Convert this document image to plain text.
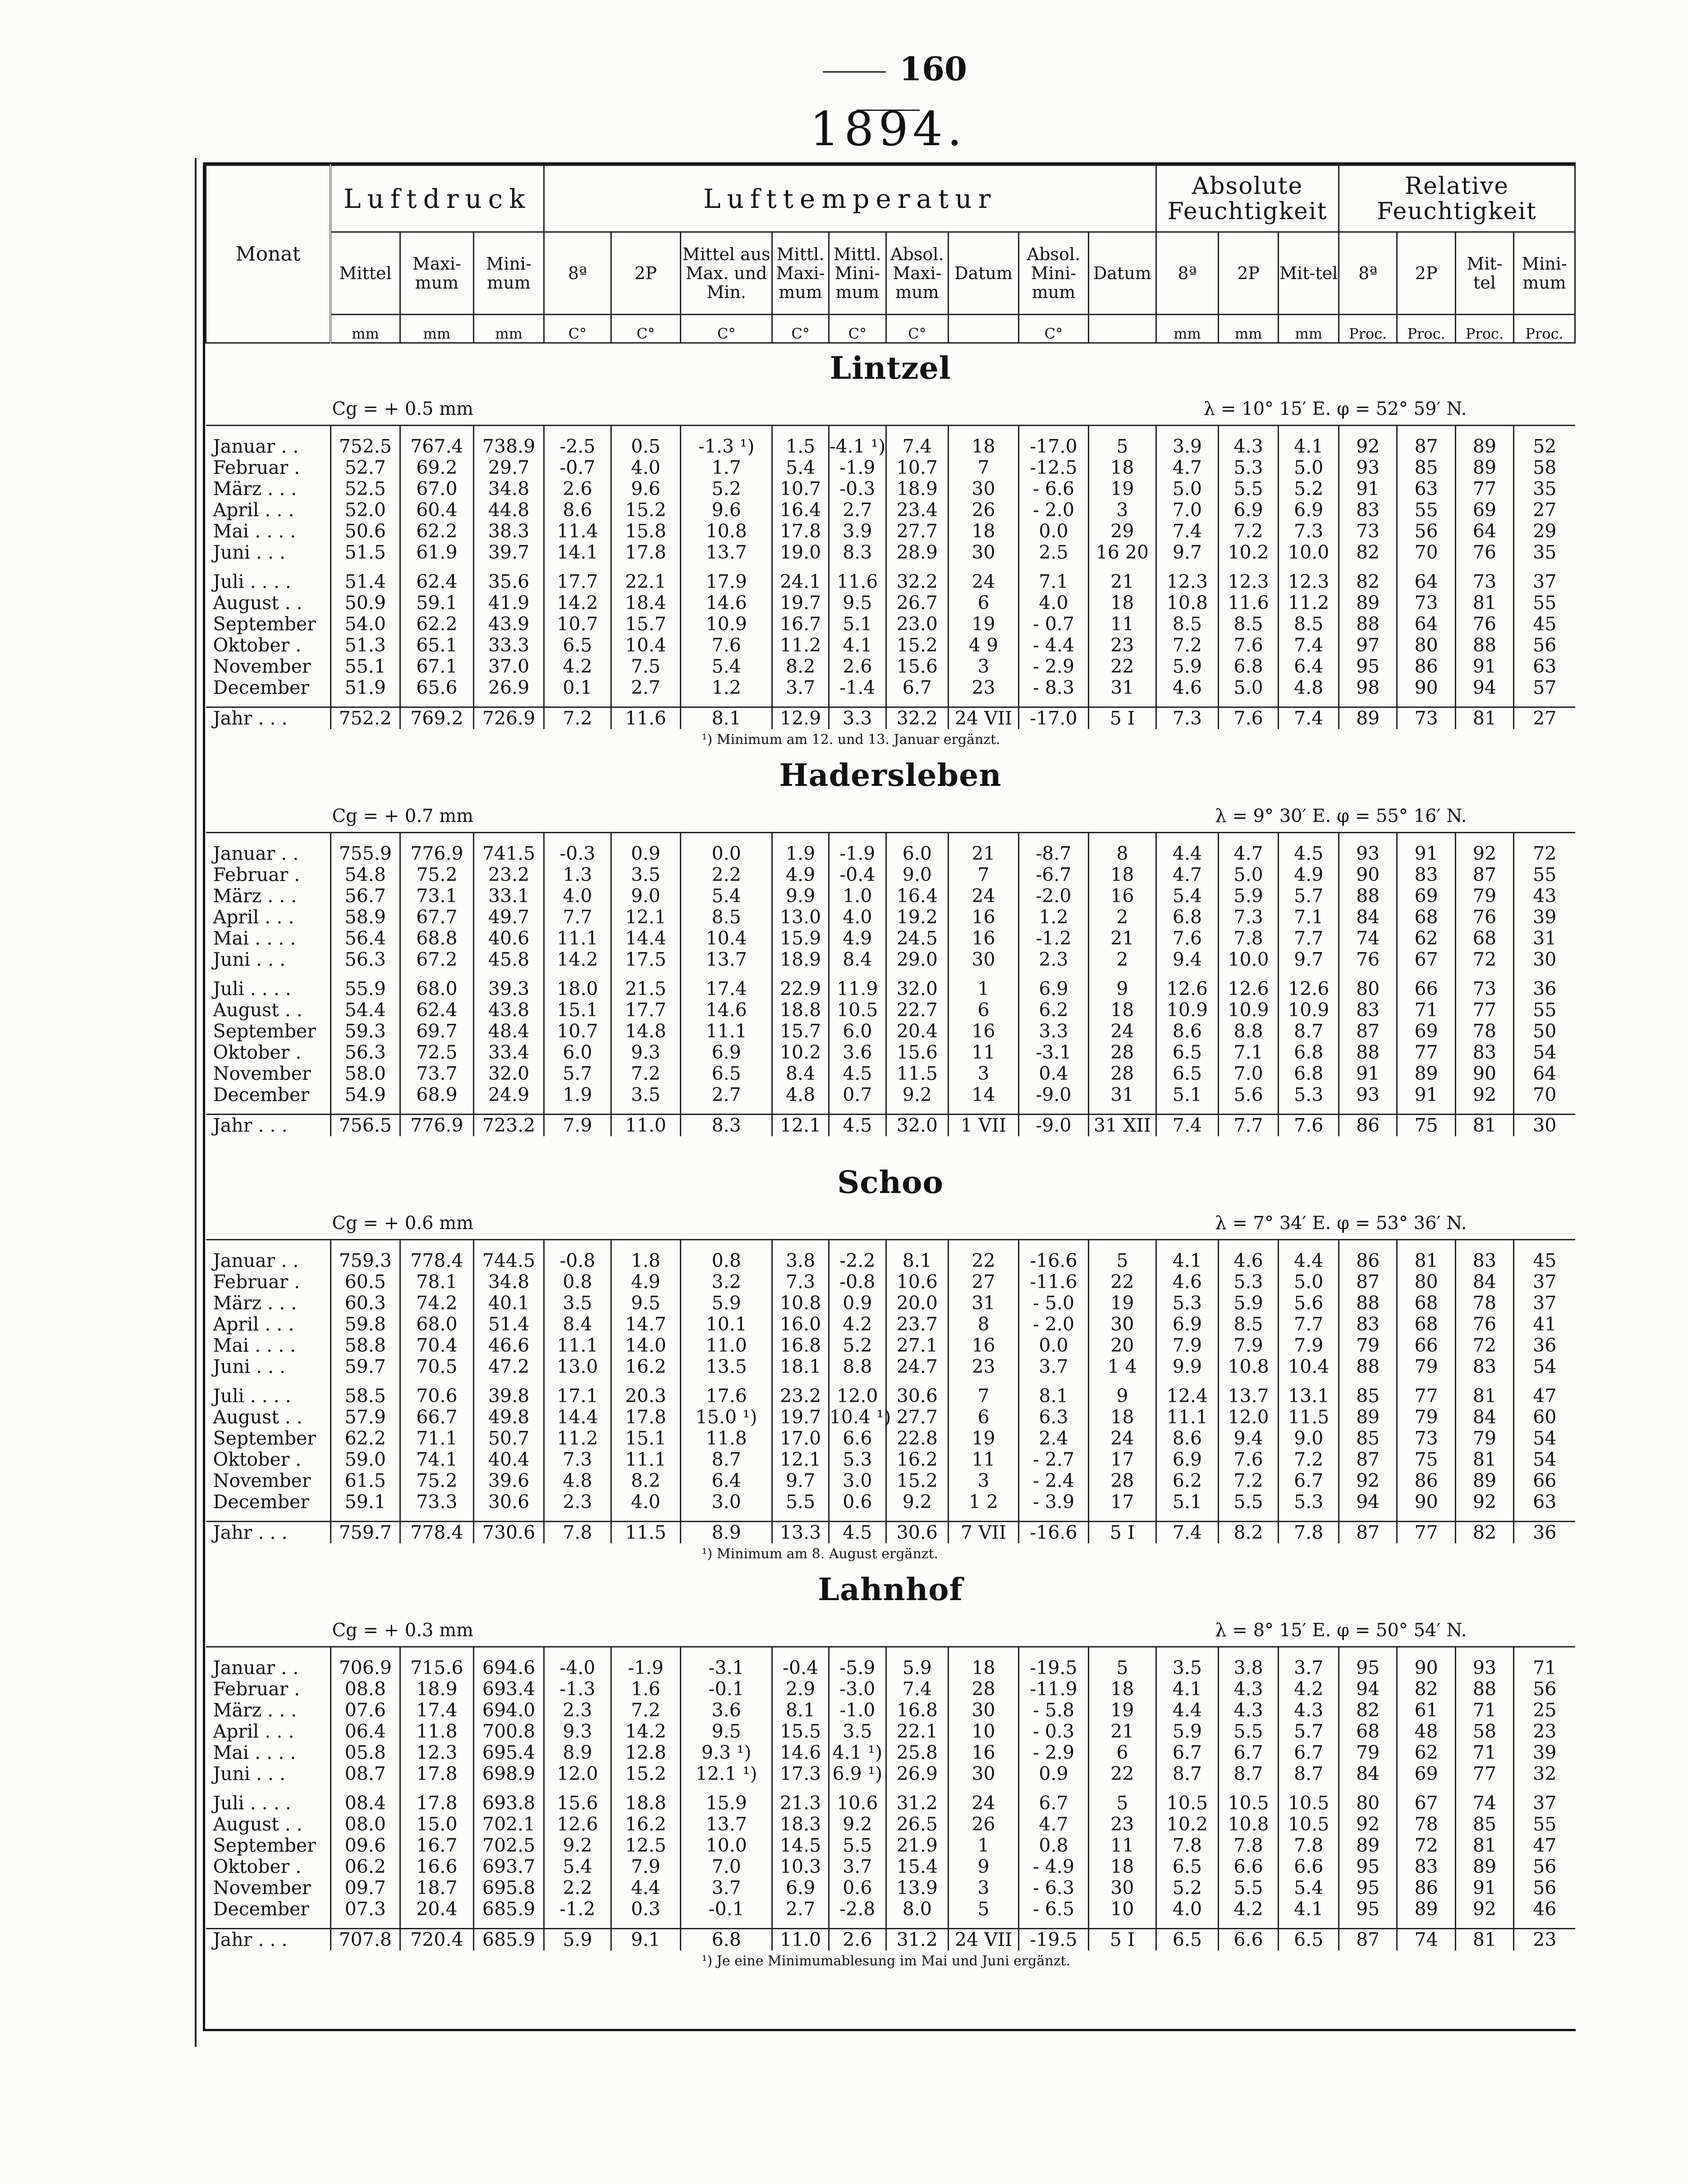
160
1894.
Monat	Luftdruck			Lufttemperatur									Absolute Feuchtigkeit			Relative Feuchtigkeit			
	Mittel	Maxi-mum	Mini-mum	8ª	2P	Mittel aus Max. und Min.	Mittl. Maxi-mum	Mittl. Mini-mum	Absol. Maxi-mum	Datum	Absol. Mini-mum	Datum	8ª	2P	Mit-tel	8ª	2P	Mit-tel	Mini-mum
	mm	mm	mm	C°	C°	C°	C°	C°	C°		C°		mm	mm	mm	Proc.	Proc.	Proc.	Proc.
Lintzel																			
Cg = + 0.5 mm								λ = 10° 15′ E. φ = 52° 59′ N.											

Januar . .	752.5	767.4	738.9	-2.5	0.5	-1.3 ¹)	1.5	-4.1 ¹)	7.4	18	-17.0	5	3.9	4.3	4.1	92	87	89	52
Februar .	52.7	69.2	29.7	-0.7	4.0	1.7	5.4	-1.9	10.7	7	-12.5	18	4.7	5.3	5.0	93	85	89	58
März . . .	52.5	67.0	34.8	2.6	9.6	5.2	10.7	-0.3	18.9	30	- 6.6	19	5.0	5.5	5.2	91	63	77	35
April . . .	52.0	60.4	44.8	8.6	15.2	9.6	16.4	2.7	23.4	26	- 2.0	3	7.0	6.9	6.9	83	55	69	27
Mai . . . .	50.6	62.2	38.3	11.4	15.8	10.8	17.8	3.9	27.7	18	0.0	29	7.4	7.2	7.3	73	56	64	29
Juni . . .	51.5	61.9	39.7	14.1	17.8	13.7	19.0	8.3	28.9	30	2.5	16 20	9.7	10.2	10.0	82	70	76	35

Juli . . . .	51.4	62.4	35.6	17.7	22.1	17.9	24.1	11.6	32.2	24	7.1	21	12.3	12.3	12.3	82	64	73	37
August . .	50.9	59.1	41.9	14.2	18.4	14.6	19.7	9.5	26.7	6	4.0	18	10.8	11.6	11.2	89	73	81	55
September	54.0	62.2	43.9	10.7	15.7	10.9	16.7	5.1	23.0	19	- 0.7	11	8.5	8.5	8.5	88	64	76	45
Oktober .	51.3	65.1	33.3	6.5	10.4	7.6	11.2	4.1	15.2	4 9	- 4.4	23	7.2	7.6	7.4	97	80	88	56
November	55.1	67.1	37.0	4.2	7.5	5.4	8.2	2.6	15.6	3	- 2.9	22	5.9	6.8	6.4	95	86	91	63
December	51.9	65.6	26.9	0.1	2.7	1.2	3.7	-1.4	6.7	23	- 8.3	31	4.6	5.0	4.8	98	90	94	57

Jahr . . .	752.2	769.2	726.9	7.2	11.6	8.1	12.9	3.3	32.2	24 VII	-17.0	5 I	7.3	7.6	7.4	89	73	81	27
¹) Minimum am 12. und 13. Januar ergänzt.																			
Hadersleben																			
Cg = + 0.7 mm								λ = 9° 30′ E. φ = 55° 16′ N.											

Januar . .	755.9	776.9	741.5	-0.3	0.9	0.0	1.9	-1.9	6.0	21	-8.7	8	4.4	4.7	4.5	93	91	92	72
Februar .	54.8	75.2	23.2	1.3	3.5	2.2	4.9	-0.4	9.0	7	-6.7	18	4.7	5.0	4.9	90	83	87	55
März . . .	56.7	73.1	33.1	4.0	9.0	5.4	9.9	1.0	16.4	24	-2.0	16	5.4	5.9	5.7	88	69	79	43
April . . .	58.9	67.7	49.7	7.7	12.1	8.5	13.0	4.0	19.2	16	1.2	2	6.8	7.3	7.1	84	68	76	39
Mai . . . .	56.4	68.8	40.6	11.1	14.4	10.4	15.9	4.9	24.5	16	-1.2	21	7.6	7.8	7.7	74	62	68	31
Juni . . .	56.3	67.2	45.8	14.2	17.5	13.7	18.9	8.4	29.0	30	2.3	2	9.4	10.0	9.7	76	67	72	30

Juli . . . .	55.9	68.0	39.3	18.0	21.5	17.4	22.9	11.9	32.0	1	6.9	9	12.6	12.6	12.6	80	66	73	36
August . .	54.4	62.4	43.8	15.1	17.7	14.6	18.8	10.5	22.7	6	6.2	18	10.9	10.9	10.9	83	71	77	55
September	59.3	69.7	48.4	10.7	14.8	11.1	15.7	6.0	20.4	16	3.3	24	8.6	8.8	8.7	87	69	78	50
Oktober .	56.3	72.5	33.4	6.0	9.3	6.9	10.2	3.6	15.6	11	-3.1	28	6.5	7.1	6.8	88	77	83	54
November	58.0	73.7	32.0	5.7	7.2	6.5	8.4	4.5	11.5	3	0.4	28	6.5	7.0	6.8	91	89	90	64
December	54.9	68.9	24.9	1.9	3.5	2.7	4.8	0.7	9.2	14	-9.0	31	5.1	5.6	5.3	93	91	92	70

Jahr . . .	756.5	776.9	723.2	7.9	11.0	8.3	12.1	4.5	32.0	1 VII	-9.0	31 XII	7.4	7.7	7.6	86	75	81	30

Schoo																			
Cg = + 0.6 mm								λ = 7° 34′ E. φ = 53° 36′ N.											

Januar . .	759.3	778.4	744.5	-0.8	1.8	0.8	3.8	-2.2	8.1	22	-16.6	5	4.1	4.6	4.4	86	81	83	45
Februar .	60.5	78.1	34.8	0.8	4.9	3.2	7.3	-0.8	10.6	27	-11.6	22	4.6	5.3	5.0	87	80	84	37
März . . .	60.3	74.2	40.1	3.5	9.5	5.9	10.8	0.9	20.0	31	- 5.0	19	5.3	5.9	5.6	88	68	78	37
April . . .	59.8	68.0	51.4	8.4	14.7	10.1	16.0	4.2	23.7	8	- 2.0	30	6.9	8.5	7.7	83	68	76	41
Mai . . . .	58.8	70.4	46.6	11.1	14.0	11.0	16.8	5.2	27.1	16	0.0	20	7.9	7.9	7.9	79	66	72	36
Juni . . .	59.7	70.5	47.2	13.0	16.2	13.5	18.1	8.8	24.7	23	3.7	1 4	9.9	10.8	10.4	88	79	83	54

Juli . . . .	58.5	70.6	39.8	17.1	20.3	17.6	23.2	12.0	30.6	7	8.1	9	12.4	13.7	13.1	85	77	81	47
August . .	57.9	66.7	49.8	14.4	17.8	15.0 ¹)	19.7	10.4 ¹)	27.7	6	6.3	18	11.1	12.0	11.5	89	79	84	60
September	62.2	71.1	50.7	11.2	15.1	11.8	17.0	6.6	22.8	19	2.4	24	8.6	9.4	9.0	85	73	79	54
Oktober .	59.0	74.1	40.4	7.3	11.1	8.7	12.1	5.3	16.2	11	- 2.7	17	6.9	7.6	7.2	87	75	81	54
November	61.5	75.2	39.6	4.8	8.2	6.4	9.7	3.0	15.2	3	- 2.4	28	6.2	7.2	6.7	92	86	89	66
December	59.1	73.3	30.6	2.3	4.0	3.0	5.5	0.6	9.2	1 2	- 3.9	17	5.1	5.5	5.3	94	90	92	63

Jahr . . .	759.7	778.4	730.6	7.8	11.5	8.9	13.3	4.5	30.6	7 VII	-16.6	5 I	7.4	8.2	7.8	87	77	82	36
¹) Minimum am 8. August ergänzt.																			
Lahnhof																			
Cg = + 0.3 mm								λ = 8° 15′ E. φ = 50° 54′ N.											

Januar . .	706.9	715.6	694.6	-4.0	-1.9	-3.1	-0.4	-5.9	5.9	18	-19.5	5	3.5	3.8	3.7	95	90	93	71
Februar .	08.8	18.9	693.4	-1.3	1.6	-0.1	2.9	-3.0	7.4	28	-11.9	18	4.1	4.3	4.2	94	82	88	56
März . . .	07.6	17.4	694.0	2.3	7.2	3.6	8.1	-1.0	16.8	30	- 5.8	19	4.4	4.3	4.3	82	61	71	25
April . . .	06.4	11.8	700.8	9.3	14.2	9.5	15.5	3.5	22.1	10	- 0.3	21	5.9	5.5	5.7	68	48	58	23
Mai . . . .	05.8	12.3	695.4	8.9	12.8	9.3 ¹)	14.6	4.1 ¹)	25.8	16	- 2.9	6	6.7	6.7	6.7	79	62	71	39
Juni . . .	08.7	17.8	698.9	12.0	15.2	12.1 ¹)	17.3	6.9 ¹)	26.9	30	0.9	22	8.7	8.7	8.7	84	69	77	32

Juli . . . .	08.4	17.8	693.8	15.6	18.8	15.9	21.3	10.6	31.2	24	6.7	5	10.5	10.5	10.5	80	67	74	37
August . .	08.0	15.0	702.1	12.6	16.2	13.7	18.3	9.2	26.5	26	4.7	23	10.2	10.8	10.5	92	78	85	55
September	09.6	16.7	702.5	9.2	12.5	10.0	14.5	5.5	21.9	1	0.8	11	7.8	7.8	7.8	89	72	81	47
Oktober .	06.2	16.6	693.7	5.4	7.9	7.0	10.3	3.7	15.4	9	- 4.9	18	6.5	6.6	6.6	95	83	89	56
November	09.7	18.7	695.8	2.2	4.4	3.7	6.9	0.6	13.9	3	- 6.3	30	5.2	5.5	5.4	95	86	91	56
December	07.3	20.4	685.9	-1.2	0.3	-0.1	2.7	-2.8	8.0	5	- 6.5	10	4.0	4.2	4.1	95	89	92	46

Jahr . . .	707.8	720.4	685.9	5.9	9.1	6.8	11.0	2.6	31.2	24 VII	-19.5	5 I	6.5	6.6	6.5	87	74	81	23
¹) Je eine Minimumablesung im Mai und Juni ergänzt.																			
